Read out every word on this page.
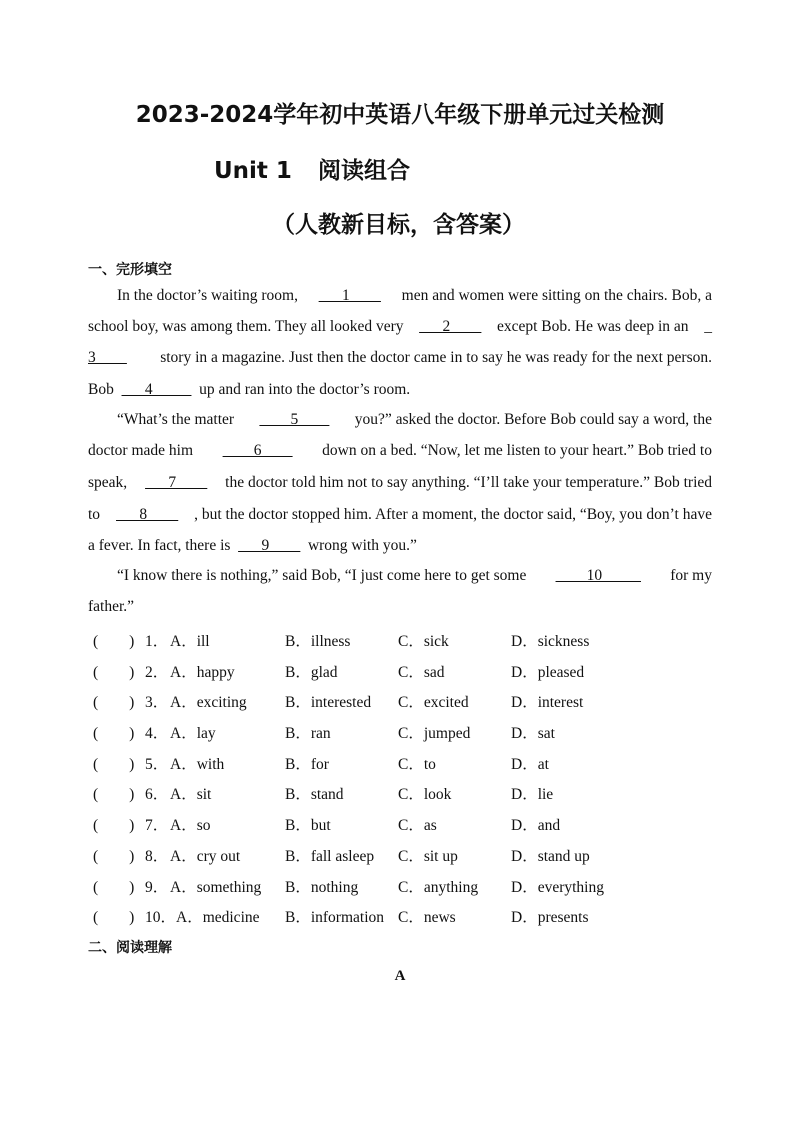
2023-2024学年初中英语八年级下册单元过关检测
Unit 1 阅读组合
（人教新目标，含答案）
一、完形填空
In the doctor’s waiting room, ___1____ men and women were sitting on the chairs. Bob, a
school boy, was among them. They all looked very ___2____ except Bob. He was deep in an _
3____ story in a magazine. Just then the doctor came in to say he was ready for the next person.
Bob ___4_____ up and ran into the doctor’s room.
“What’s the matter ____5____ you?” asked the doctor. Before Bob could say a word, the
doctor made him ____6____ down on a bed. “Now, let me listen to your heart.” Bob tried to
speak, ___7____ the doctor told him not to say anything. “I’ll take your temperature.” Bob tried
to ___8____ , but the doctor stopped him. After a moment, the doctor said, “Boy, you don’t have
a fever. In fact, there is ___9____ wrong with you.”
“I know there is nothing,” said Bob, “I just come here to get some ____10_____ for my
father.”
(　　) 1． A．ill	B．illness	C．sick	D．sickness
(　　) 2． A．happy	B．glad	C．sad	D．pleased
(　　) 3． A．exciting B．interested C．excited	D．interest
(　　) 4． A．lay	B．ran	C．jumped	D．sat
(　　) 5． A．with	B．for	C．to	D．at
(　　) 6． A．sit	B．stand	C．look	D．lie
(　　) 7． A．so	B．but	C．as	D．and
(　　) 8． A．cry out	B．fall asleep C．sit up	D．stand up
(　　) 9． A．something B．nothing	C．anything D．everything
(　　) 10． A．medicine B．information C．news	D．presents
二、阅读理解
A
